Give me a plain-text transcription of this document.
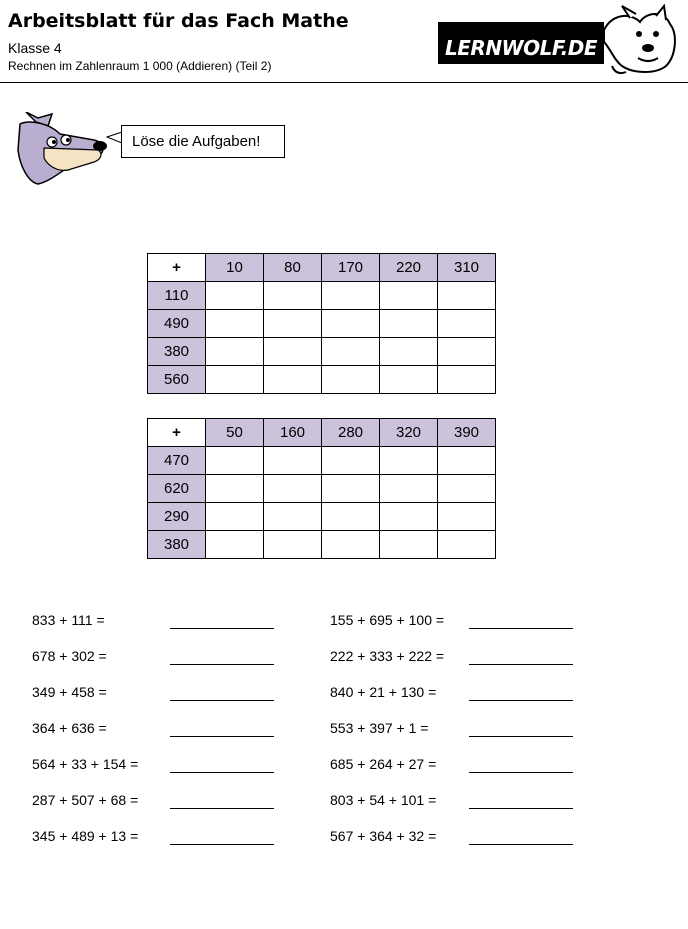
Arbeitsblatt für das Fach Mathe
Klasse 4
Rechnen im Zahlenraum 1 000 (Addieren) (Teil 2)
LERNWOLF.DE
Löse die Aufgaben!
+	10	80	170	220	310
110					
490					
380					
560					
+	50	160	280	320	390
470					
620					
290					
380					
833 + 111 =
678 + 302 =
349 + 458 =
364 + 636 =
564 + 33 + 154 =
287 + 507 + 68 =
345 + 489 + 13 =
155 + 695 + 100 =
222 + 333 + 222 =
840 + 21 + 130 =
553 + 397 + 1 =
685 + 264 + 27 =
803 + 54 + 101 =
567 + 364 + 32 =
